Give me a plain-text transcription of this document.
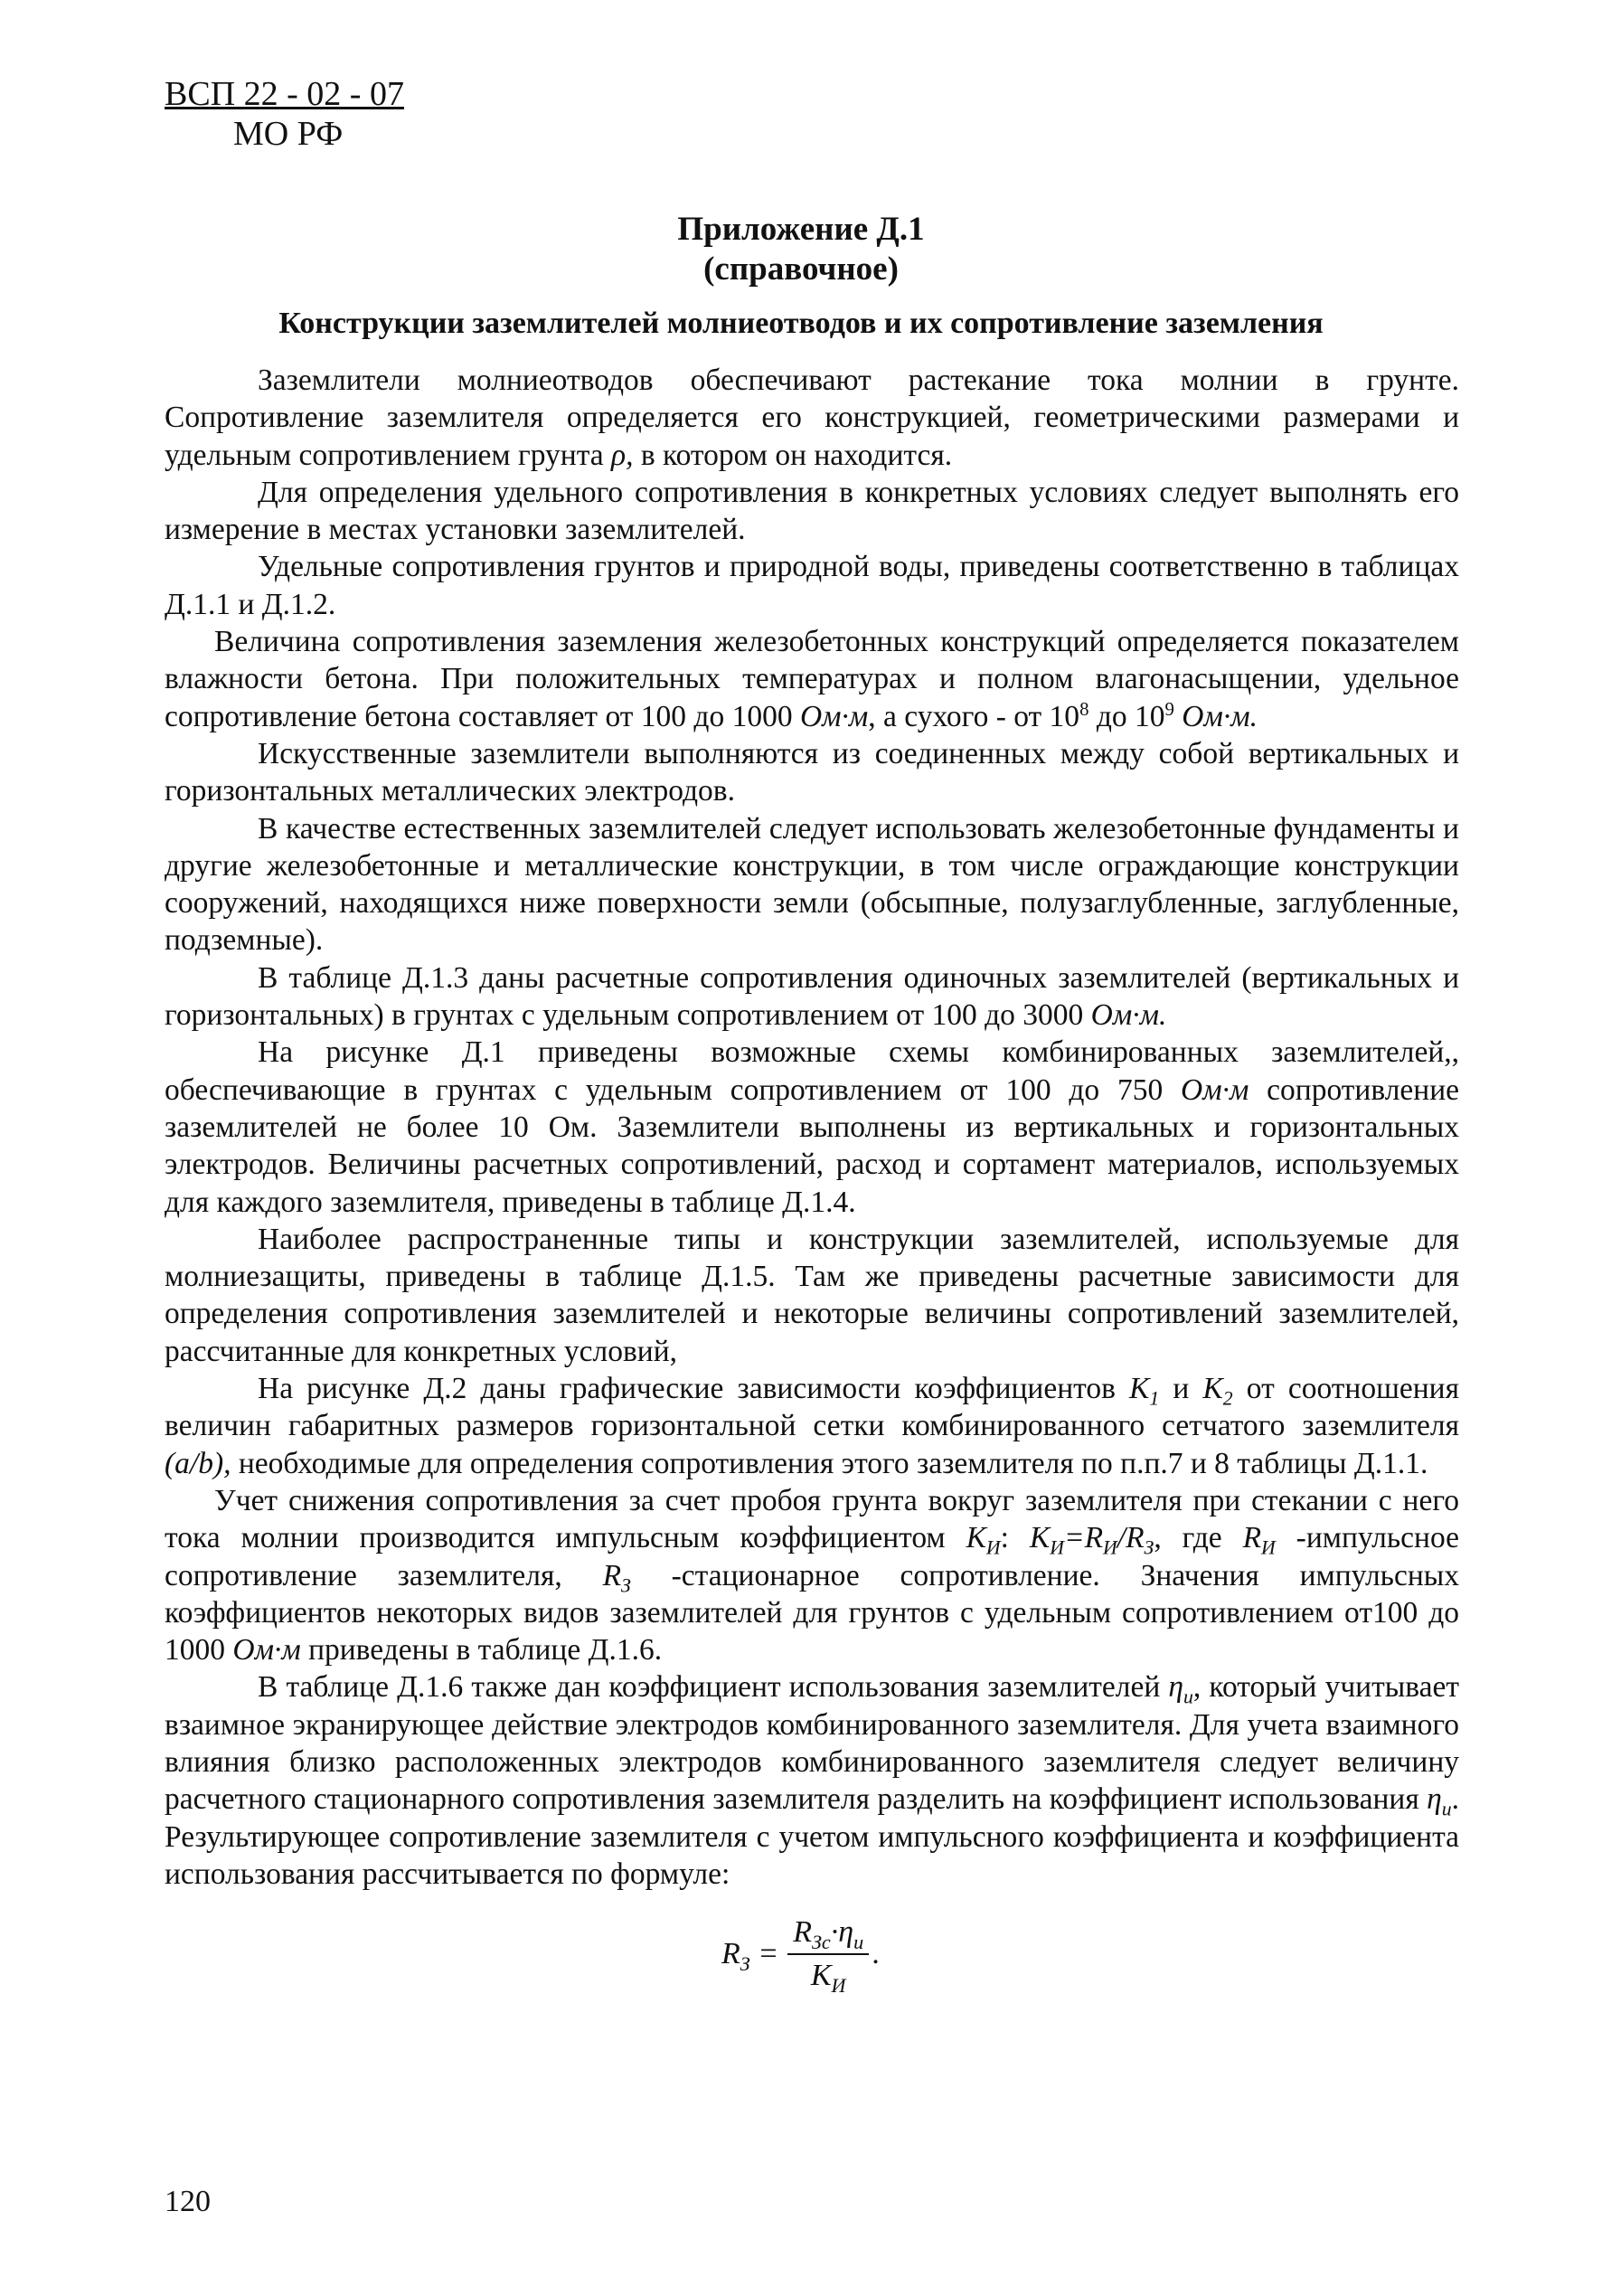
ВСП 22 - 02 - 07
МО РФ
Приложение Д.1
(справочное)
Конструкции заземлителей молниеотводов и их сопротивление заземления

Заземлители молниеотводов обеспечивают растекание тока молнии в грунте. Сопротивление заземлителя определяется его конструкцией, геометрическими размерами и удельным сопротивлением грунта ρ, в котором он находится.

Для определения удельного сопротивления в конкретных условиях следует выполнять его измерение в местах установки заземлителей.

Удельные сопротивления грунтов и природной воды, приведены соответственно в таблицах Д.1.1 и Д.1.2.

Величина сопротивления заземления железобетонных конструкций определяется показателем влажности бетона. При положительных температурах и полном влагонасыщении, удельное сопротивление бетона составляет от 100 до 1000 Ом·м, а сухого - от $10^8$ до $10^9$ Ом·м.

Искусственные заземлители выполняются из соединенных между собой вертикальных и горизонтальных металлических электродов.

В качестве естественных заземлителей следует использовать железобетонные фундаменты и другие железобетонные и металлические конструкции, в том числе ограждающие конструкции сооружений, находящихся ниже поверхности земли (обсыпные, полузаглубленные, заглубленные, подземные).

В таблице Д.1.3 даны расчетные сопротивления одиночных заземлителей (вертикальных и горизонтальных) в грунтах с удельным сопротивлением от 100 до 3000 Ом·м.

На рисунке Д.1 приведены возможные схемы комбинированных заземлителей,, обеспечивающие в грунтах с удельным сопротивлением от 100 до 750 Ом·м сопротивление заземлителей не более 10 Ом. Заземлители выполнены из вертикальных и горизонтальных электродов. Величины расчетных сопротивлений, расход и сортамент материалов, используемых для каждого заземлителя, приведены в таблице Д.1.4.

Наиболее распространенные типы и конструкции заземлителей, используемые для молниезащиты, приведены в таблице Д.1.5. Там же приведены расчетные зависимости для определения сопротивления заземлителей и некоторые величины сопротивлений заземлителей, рассчитанные для конкретных условий,

На рисунке Д.2 даны графические зависимости коэффициентов $K_1$ и $K_2$ от соотношения величин габаритных размеров горизонтальной сетки комбинированного сетчатого заземлителя (a/b), необходимые для определения сопротивления этого заземлителя по п.п.7 и 8 таблицы Д.1.1.

Учет снижения сопротивления за счет пробоя грунта вокруг заземлителя при стекании с него тока молнии производится импульсным коэффициентом $K_И$: $K_И=R_И/R_З$, где $R_И$ -импульсное сопротивление заземлителя, $R_З$ -стационарное сопротивление. Значения импульсных коэффициентов некоторых видов заземлителей для грунтов с удельным сопротивлением от100 до 1000 Ом·м приведены в таблице Д.1.6.

В таблице Д.1.6 также дан коэффициент использования заземлителей $\eta_и$, который учитывает взаимное экранирующее действие электродов комбинированного заземлителя. Для учета взаимного влияния близко расположенных электродов комбинированного заземлителя следует величину расчетного стационарного сопротивления заземлителя разделить на коэффициент использования $\eta_и$. Результирующее сопротивление заземлителя с учетом импульсного коэффициента и коэффициента использования рассчитывается по формуле:

$R_З = \frac{R_{Зс}\cdot\eta_и}{K_И}$ .
120
